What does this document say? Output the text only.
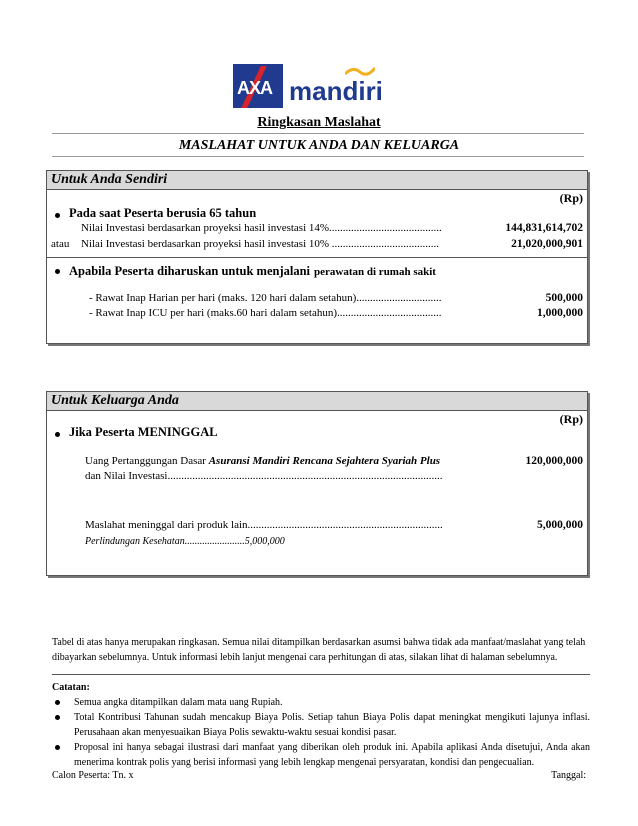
AXA mandiri
Ringkasan Maslahat
MASLAHAT UNTUK ANDA DAN KELUARGA
Untuk Anda Sendiri
(Rp)
Pada saat Peserta berusia 65 tahun
Nilai Investasi berdasarkan proyeksi hasil investasi 14%.........................................	144,831,614,702
atau Nilai Investasi berdasarkan proyeksi hasil investasi 10% .......................................	21,020,000,901
Apabila Peserta diharuskan untuk menjalani perawatan di rumah sakit
- Rawat Inap Harian per hari (maks. 120 hari dalam setahun)...............................	500,000
- Rawat Inap ICU per hari (maks.60 hari dalam setahun)......................................	1,000,000
Untuk Keluarga Anda
(Rp)
Jika Peserta MENINGGAL
Uang Pertanggungan Dasar Asuransi Mandiri Rencana Sejahtera Syariah Plus	120,000,000
dan Nilai Investasi....................................................................................................
Maslahat meninggal dari produk lain.......................................................................	5,000,000
Perlindungan Kesehatan........................5,000,000
Tabel di atas hanya merupakan ringkasan. Semua nilai ditampilkan berdasarkan asumsi bahwa tidak ada manfaat/maslahat yang telah dibayarkan sebelumnya. Untuk informasi lebih lanjut mengenai cara perhitungan di atas, silakan lihat di halaman sebelumnya.
Catatan:
Semua angka ditampilkan dalam mata uang Rupiah.
Total Kontribusi Tahunan sudah mencakup Biaya Polis. Setiap tahun Biaya Polis dapat meningkat mengikuti lajunya inflasi. Perusahaan akan menyesuaikan Biaya Polis sewaktu-waktu sesuai kondisi pasar.
Proposal ini hanya sebagai ilustrasi dari manfaat yang diberikan oleh produk ini. Apabila aplikasi Anda disetujui, Anda akan menerima kontrak polis yang berisi informasi yang lebih lengkap mengenai persyaratan, kondisi dan pengecualian.
Calon Peserta: Tn. x	Tanggal:
